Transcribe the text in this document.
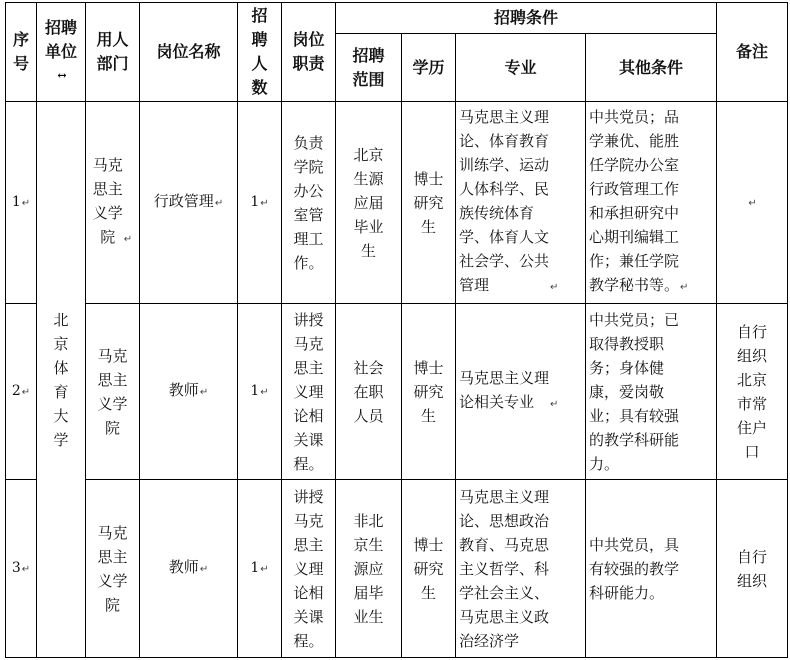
序号	招聘单位↔	用人部门	岗位名称	招聘人数	岗位职责	招聘条件				备注
						招聘范围	学历	专业	其他条件	
1↵	北京体育大学	马克思主义学院 ↵	行政管理↵	1↵	负责学院办公室管理工作。	北京生源应届毕业生	博士研究生	马克思主义理论、体育教育训练学、运动人体科学、民族传统体育学、体育人文社会学、公共管理 ↵	中共党员；品学兼优、能胜任学院办公室行政管理工作和承担研究中心期刊编辑工作；兼任学院教学秘书等。↵	↵
2↵		马克思主义学院	教师↵	1↵	讲授马克思主义理论相关课程。	社会在职人员	博士研究生	马克思主义理论相关专业 ↵	中共党员；已取得教授职务；身体健康，爱岗敬业；具有较强的教学科研能力。	自行组织北京市常住户口
3↵		马克思主义学院	教师↵	1↵	讲授马克思主义理论相关课程。	非北京生源应届毕业生	博士研究生	马克思主义理论、思想政治教育、马克思主义哲学、科学社会主义、马克思主义政治经济学	中共党员，具有较强的教学科研能力。	自行组织
